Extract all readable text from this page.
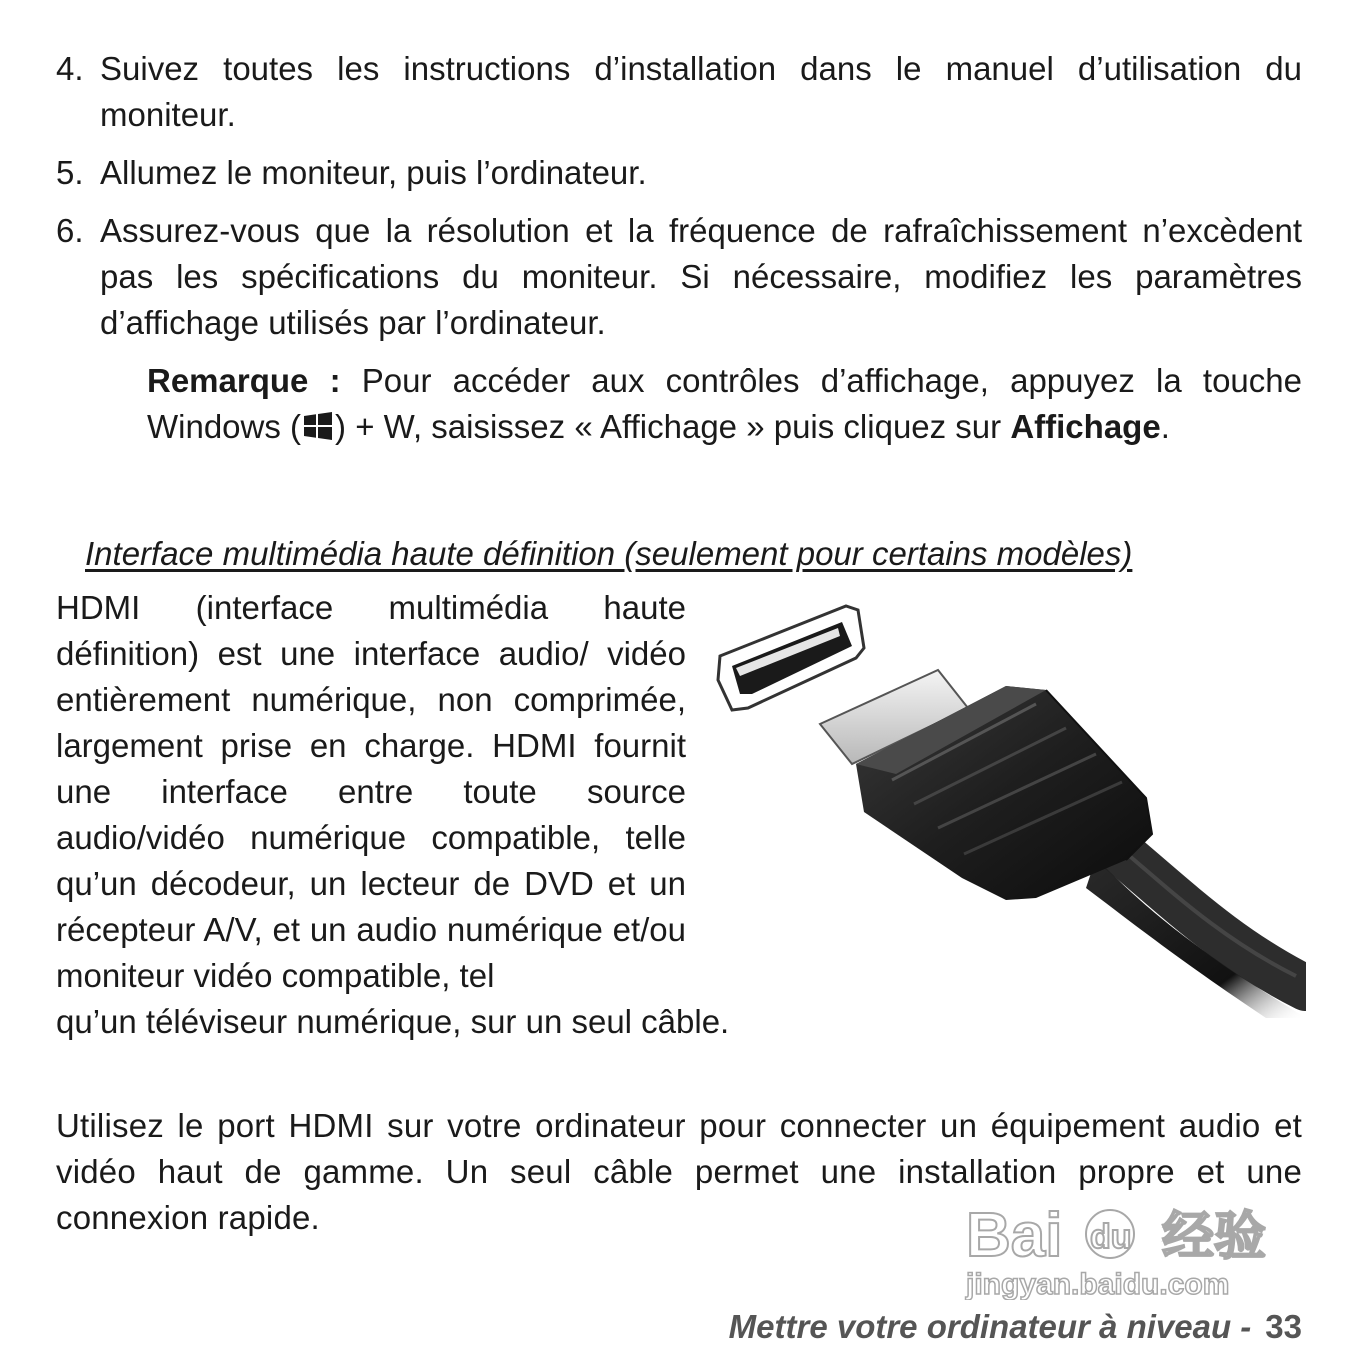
4. Suivez toutes les instructions d’installation dans le manuel d’utilisation du moniteur.
5. Allumez le moniteur, puis l’ordinateur.
6. Assurez-vous que la résolution et la fréquence de rafraîchissement n’excèdent pas les spécifications du moniteur. Si nécessaire, modifiez les paramètres d’affichage utilisés par l’ordinateur.
Remarque : Pour accéder aux contrôles d’affichage, appuyez la touche Windows ( ) + W, saisissez « Affichage » puis cliquez sur Affichage.
Interface multimédia haute définition (seulement pour certains modèles)
HDMI (interface multimédia haute définition) est une interface audio/ vidéo entièrement numérique, non comprimée, largement prise en charge. HDMI fournit une interface entre toute source audio/vidéo numérique compatible, telle qu’un décodeur, un lecteur de DVD et un récepteur A/V, et un audio numérique et/ou moniteur vidéo compatible, tel
qu’un téléviseur numérique, sur un seul câble.
Utilisez le port HDMI sur votre ordinateur pour connecter un équipement audio et vidéo haut de gamme. Un seul câble permet une installation propre et une connexion rapide.	Bai du 经验
jingyan.baidu.com
Mettre votre ordinateur à niveau - 33
